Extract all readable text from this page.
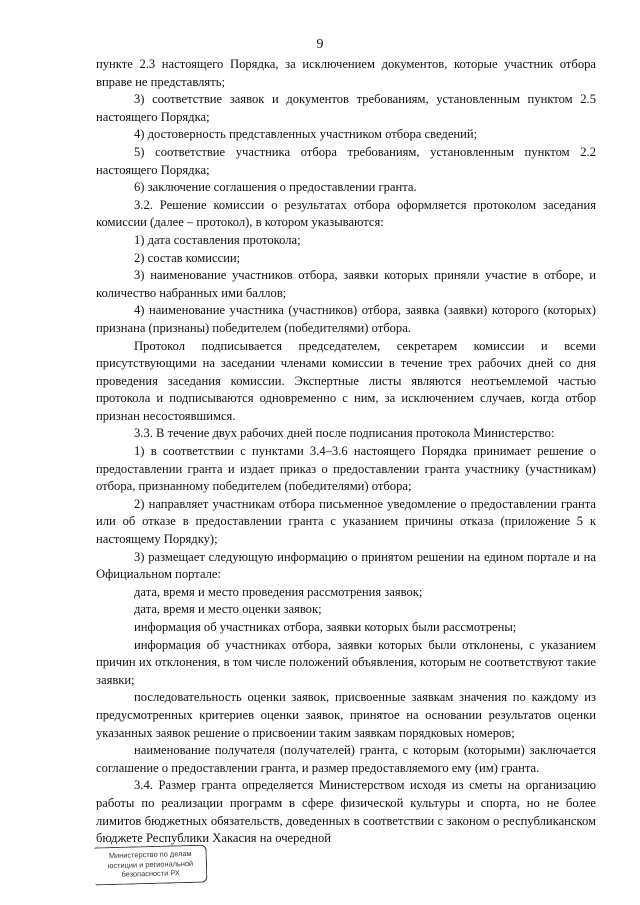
9

пункте 2.3 настоящего Порядка, за исключением документов, которые участник отбора вправе не представлять;

3) соответствие заявок и документов требованиям, установленным пунктом 2.5 настоящего Порядка;

4) достоверность представленных участником отбора сведений;

5) соответствие участника отбора требованиям, установленным пунктом 2.2 настоящего Порядка;

6) заключение соглашения о предоставлении гранта.

3.2. Решение комиссии о результатах отбора оформляется протоколом заседания комиссии (далее – протокол), в котором указываются:

1) дата составления протокола;

2) состав комиссии;

3) наименование участников отбора, заявки которых приняли участие в отборе, и количество набранных ими баллов;

4) наименование участника (участников) отбора, заявка (заявки) которого (которых) признана (признаны) победителем (победителями) отбора.

Протокол подписывается председателем, секретарем комиссии и всеми присутствующими на заседании членами комиссии в течение трех рабочих дней со дня проведения заседания комиссии. Экспертные листы являются неотъемлемой частью протокола и подписываются одновременно с ним, за исключением случаев, когда отбор признан несостоявшимся.

3.3. В течение двух рабочих дней после подписания протокола Министерство:

1) в соответствии с пунктами 3.4–3.6 настоящего Порядка принимает решение о предоставлении гранта и издает приказ о предоставлении гранта участнику (участникам) отбора, признанному победителем (победителями) отбора;

2) направляет участникам отбора письменное уведомление о предоставлении гранта или об отказе в предоставлении гранта с указанием причины отказа (приложение 5 к настоящему Порядку);

3) размещает следующую информацию о принятом решении на едином портале и на Официальном портале:

дата, время и место проведения рассмотрения заявок;

дата, время и место оценки заявок;

информация об участниках отбора, заявки которых были рассмотрены;

информация об участниках отбора, заявки которых были отклонены, с указанием причин их отклонения, в том числе положений объявления, которым не соответствуют такие заявки;

последовательность оценки заявок, присвоенные заявкам значения по каждому из предусмотренных критериев оценки заявок, принятое на основании результатов оценки указанных заявок решение о присвоении таким заявкам порядковых номеров;

наименование получателя (получателей) гранта, с которым (которыми) заключается соглашение о предоставлении гранта, и размер предоставляемого ему (им) гранта.

3.4. Размер гранта определяется Министерством исходя из сметы на организацию работы по реализации программ в сфере физической культуры и спорта, но не более лимитов бюджетных обязательств, доведенных в соответствии с законом о республиканском бюджете Республики Хакасия на очередной

Министерство по делам
юстиции и региональной
безопасности РХ
